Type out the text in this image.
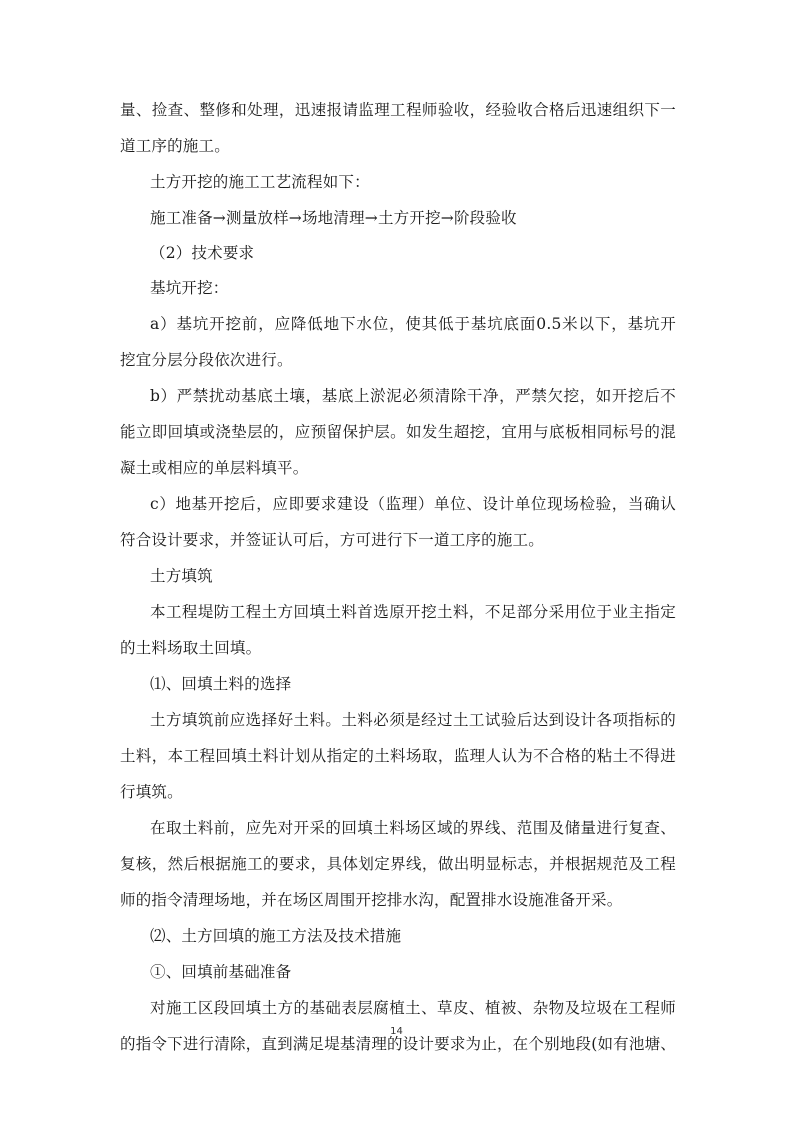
量、捡查、整修和处理，迅速报请监理工程师验收，经验收合格后迅速组织下一
道工序的施工。
土方开挖的施工工艺流程如下：
施工准备→测量放样→场地清理→土方开挖→阶段验收
（2）技术要求
基坑开挖：
a）基坑开挖前，应降低地下水位，使其低于基坑底面0.5米以下，基坑开
挖宜分层分段依次进行。
b）严禁扰动基底土壤，基底上淤泥必须清除干净，严禁欠挖，如开挖后不
能立即回填或浇垫层的，应预留保护层。如发生超挖，宜用与底板相同标号的混
凝土或相应的单层料填平。
c）地基开挖后，应即要求建设（监理）单位、设计单位现场检验，当确认
符合设计要求，并签证认可后，方可进行下一道工序的施工。
土方填筑
本工程堤防工程土方回填土料首选原开挖土料，不足部分采用位于业主指定
的土料场取土回填。
⑴、回填土料的选择
土方填筑前应选择好土料。土料必须是经过土工试验后达到设计各项指标的
土料，本工程回填土料计划从指定的土料场取，监理人认为不合格的粘土不得进
行填筑。
在取土料前，应先对开采的回填土料场区域的界线、范围及储量进行复查、
复核，然后根据施工的要求，具体划定界线，做出明显标志，并根据规范及工程
师的指令清理场地，并在场区周围开挖排水沟，配置排水设施准备开采。
⑵、土方回填的施工方法及技术措施
①、回填前基础准备
对施工区段回填土方的基础表层腐植土、草皮、植被、杂物及垃圾在工程师
的指令下进行清除，直到满足堤基清理的设计要求为止，在个别地段(如有池塘、
14
